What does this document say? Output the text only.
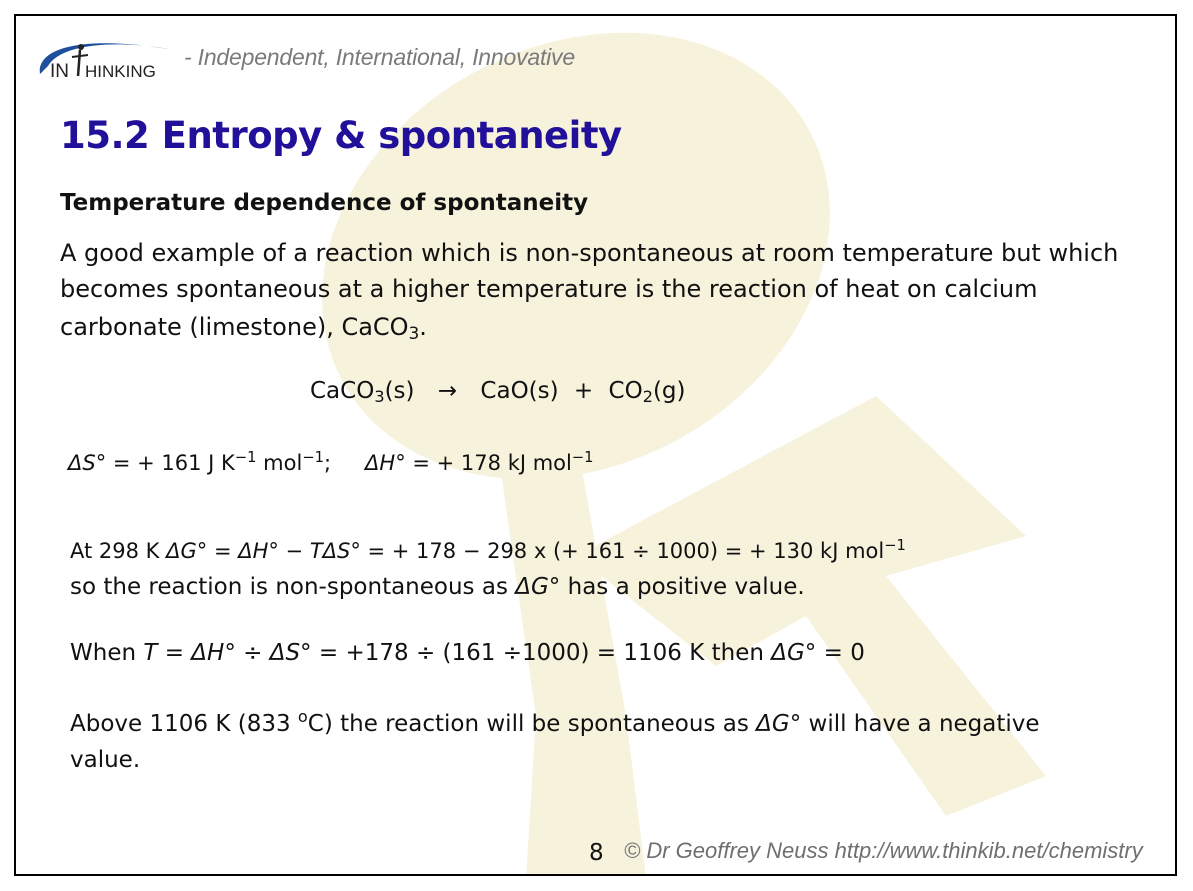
IN HINKING
- Independent, International, Innovative
15.2 Entropy & spontaneity
Temperature dependence of spontaneity
A good example of a reaction which is non-spontaneous at room temperature but which
becomes spontaneous at a higher temperature is the reaction of heat on calcium
carbonate (limestone), CaCO$_3$.
CaCO$_3$(s) → $CaO(s) + CO_2(g)$
ΔS° = + 161 J $K^{-1}$ mol$^{-1}$; ΔH° = + 178 kJ mol$^{-1}$
At 298 K ΔG° = ΔH° − TΔS° = + 178 − 298 x (+ 161 ÷ 1000) = + 130 kJ mol$^{-1}$
so the reaction is non-spontaneous as ΔG° has a positive value.
When T = ΔH° ÷ ΔS° = +178 ÷ (161 ÷1000) = 1106 K then ΔG° = 0
Above 1106 K (833 $^o$C) the reaction will be spontaneous as ΔG° will have a negative
value.
8 © Dr Geoffrey Neuss http://www.thinkib.net/chemistry
